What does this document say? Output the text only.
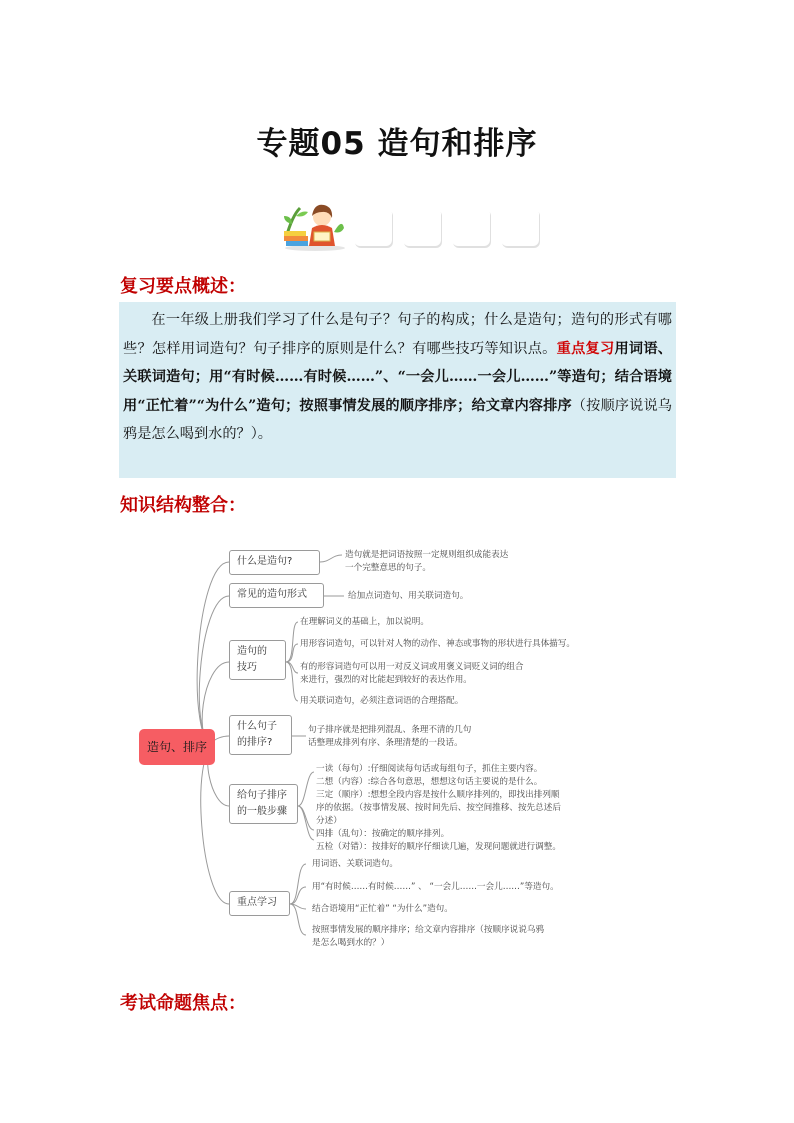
专题05 造句和排序
复 习 概 述
复习要点概述：

在一年级上册我们学习了什么是句子？句子的构成；什么是造句；造句的形式有哪些？怎样用词造句？句子排序的原则是什么？有哪些技巧等知识点。重点复习用词语、关联词造句；用“有时候……有时候……”、“一会儿……一会儿……”等造句；结合语境用“正忙着”“为什么”造句；按照事情发展的顺序排序；给文章内容排序（按顺序说说乌鸦是怎么喝到水的？）。

知识结构整合：
造句、排序
什么是造句?
造句就是把词语按照一定规则组织成能表达
一个完整意思的句子。
常见的造句形式	给加点词造句、用关联词造句。
造句的
技巧
在理解词义的基础上，加以说明。
用形容词造句，可以针对人物的动作、神态或事物的形状进行具体描写。
有的形容词造句可以用一对反义词或用褒义词贬义词的组合
来进行，强烈的对比能起到较好的表达作用。
用关联词造句，必须注意词语的合理搭配。
什么句子
的排序?
句子排序就是把排列混乱、条理不清的几句
话整理成排列有序、条理清楚的一段话。
给句子排序
的一般步骤
一读（每句）:仔细阅读每句话或每组句子，抓住主要内容。
二想（内容）:综合各句意思，想想这句话主要说的是什么。
三定（顺序）:想想全段内容是按什么顺序排列的，即找出排列顺
序的依据。（按事情发展、按时间先后、按空间推移、按先总述后
分述）
四排（乱句）：按确定的顺序排列。
五检（对错）：按排好的顺序仔细读几遍，发现问题就进行调整。
重点学习
用词语、关联词造句。
用“有时候……有时候……” 、 “一会儿……一会儿……”等造句。
结合语境用“正忙着” “为什么”造句。
按照事情发展的顺序排序；给文章内容排序（按顺序说说乌鸦
是怎么喝到水的？）
考试命题焦点：
